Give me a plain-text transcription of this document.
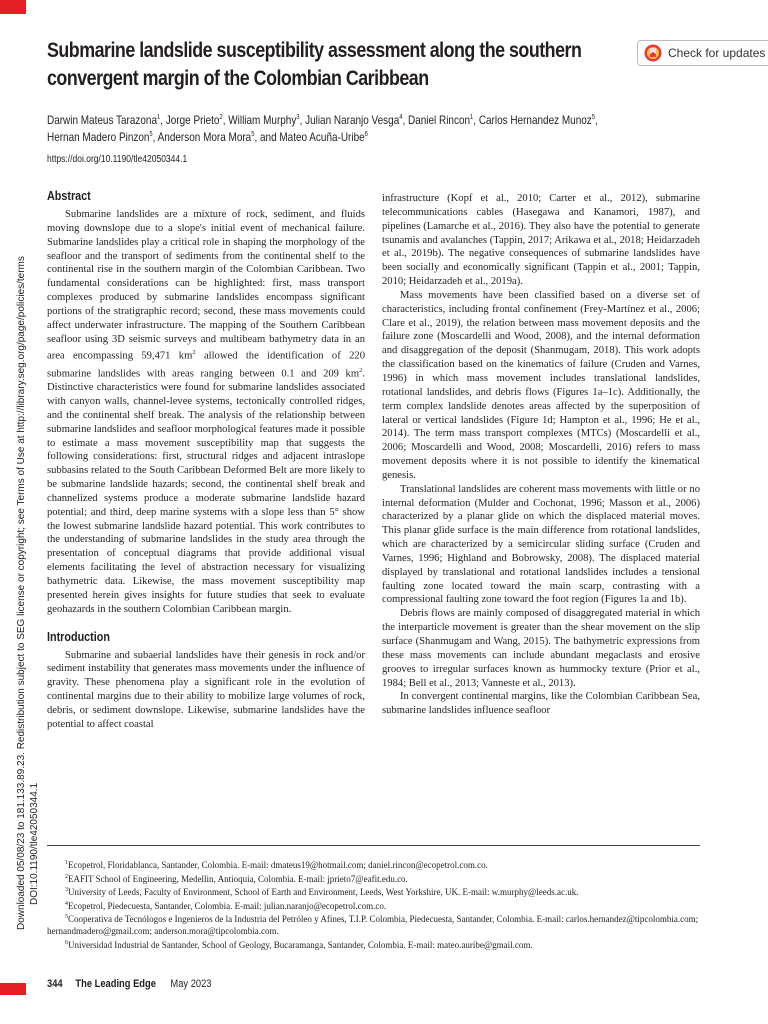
Downloaded 05/08/23 to 181.133.89.23. Redistribution subject to SEG license or copyright; see Terms of Use at http://library.seg.org/page/policies/terms DOI:10.1190/tle42050344.1
Submarine landslide susceptibility assessment along the southern
convergent margin of the Colombian Caribbean
Check for updates
Darwin Mateus Tarazona$^1$, Jorge Prieto$^2$, William Murphy$^3$, Julian Naranjo Vesga$^4$, Daniel Rincon$^1$, Carlos Hernandez Munoz$^5$,
Hernan Madero Pinzon$^5$, Anderson Mora Mora$^5$, and Mateo Acuña-Uribe$^6$
https://doi.org/10.1190/tle42050344.1
Abstract

Submarine landslides are a mixture of rock, sediment, and fluids moving downslope due to a slope's initial event of mechanical failure. Submarine landslides play a critical role in shaping the morphology of the seafloor and the transport of sediments from the continental shelf to the continental rise in the southern margin of the Colombian Caribbean. Two fundamental considerations can be highlighted: first, mass transport complexes produced by submarine landslides encompass significant portions of the stratigraphic record; second, these mass movements could affect underwater infrastructure. The mapping of the Southern Caribbean seafloor using 3D seismic surveys and multibeam bathymetry data in an area encompassing 59,471 $km^2$ allowed the identification of 220 submarine landslides with areas ranging between 0.1 and 209 $km^2$. Distinctive characteristics were found for submarine landslides associated with canyon walls, channel-levee systems, tectonically controlled ridges, and the continental shelf break. The analysis of the relationship between submarine landslides and seafloor morphological features made it possible to estimate a mass movement susceptibility map that suggests the following considerations: first, structural ridges and adjacent intraslope subbasins related to the South Caribbean Deformed Belt are more likely to be submarine landslide hazards; second, the continental shelf break and channelized systems produce a moderate submarine landslide hazard potential; and third, deep marine systems with a slope less than 5° show the lowest submarine landslide hazard potential. This work contributes to the understanding of submarine landslides in the study area through the presentation of conceptual diagrams that provide additional visual elements facilitating the level of abstraction necessary for visualizing bathymetric data. Likewise, the mass movement susceptibility map presented herein gives insights for future studies that seek to evaluate geohazards in the southern Colombian Caribbean margin.

Introduction

Submarine and subaerial landslides have their genesis in rock and/or sediment instability that generates mass movements under the influence of gravity. These phenomena play a significant role in the evolution of continental margins due to their ability to mobilize large volumes of rock, debris, or sediment downslope. Likewise, submarine landslides have the potential to affect coastal

infrastructure (Kopf et al., 2010; Carter et al., 2012), submarine telecommunications cables (Hasegawa and Kanamori, 1987), and pipelines (Lamarche et al., 2016). They also have the potential to generate tsunamis and avalanches (Tappin, 2017; Arikawa et al., 2018; Heidarzadeh et al., 2019b). The negative consequences of submarine landslides have been socially and economically significant (Tappin et al., 2001; Tappin, 2010; Heidarzadeh et al., 2019a).

Mass movements have been classified based on a diverse set of characteristics, including frontal confinement (Frey-Martínez et al., 2006; Clare et al., 2019), the relation between mass movement deposits and the failure zone (Moscardelli and Wood, 2008), and the internal deformation and disaggregation of the deposit (Shanmugam, 2018). This work adopts the classification based on the kinematics of failure (Cruden and Varnes, 1996) in which mass movement includes translational landslides, rotational landslides, and debris flows (Figures 1a–1c). Additionally, the term complex landslide denotes areas affected by the superposition of lateral or vertical landslides (Figure 1d; Hampton et al., 1996; He et al., 2014). The term mass transport complexes (MTCs) (Moscardelli et al., 2006; Moscardelli and Wood, 2008; Moscardelli, 2016) refers to mass movement deposits where it is not possible to identify the kinematical genesis.

Translational landslides are coherent mass movements with little or no internal deformation (Mulder and Cochonat, 1996; Masson et al., 2006) characterized by a planar glide on which the displaced material moves. This planar glide surface is the main difference from rotational landslides, which are characterized by a semicircular sliding surface (Cruden and Varnes, 1996; Highland and Bobrowsky, 2008). The displaced material displayed by translational and rotational landslides includes a tensional faulting zone located toward the main scarp, contrasting with a compressional faulting zone toward the foot region (Figures 1a and 1b).

Debris flows are mainly composed of disaggregated material in which the interparticle movement is greater than the shear movement on the slip surface (Shanmugam and Wang, 2015). The bathymetric expressions from these mass movements can include abundant megaclasts and erosive grooves to irregular surfaces known as hummocky texture (Prior et al., 1984; Bell et al., 2013; Vanneste et al., 2013).

In convergent continental margins, like the Colombian Caribbean Sea, submarine landslides influence seafloor

$^1$Ecopetrol, Floridablanca, Santander, Colombia. E-mail: dmateus19@hotmail.com; daniel.rincon@ecopetrol.com.co.
$^2$EAFIT School of Engineering, Medellin, Antioquia, Colombia. E-mail: jprieto7@eafit.edu.co.
$^3$University of Leeds, Faculty of Environment, School of Earth and Environment, Leeds, West Yorkshire, UK. E-mail: w.murphy@leeds.ac.uk.
$^4$Ecopetrol, Piedecuesta, Santander, Colombia. E-mail: julian.naranjo@ecopetrol.com.co.
$^5$Cooperativa de Tecnólogos e Ingenieros de la Industria del Petróleo y Afines, T.I.P. Colombia, Piedecuesta, Santander, Colombia. E-mail: carlos.hernandez@tipcolombia.com; hernandmadero@gmail.com; anderson.mora@tipcolombia.com.
$^6$Universidad Industrial de Santander, School of Geology, Bucaramanga, Santander, Colombia. E-mail: mateo.auribe@gmail.com.
344 The Leading Edge May 2023
